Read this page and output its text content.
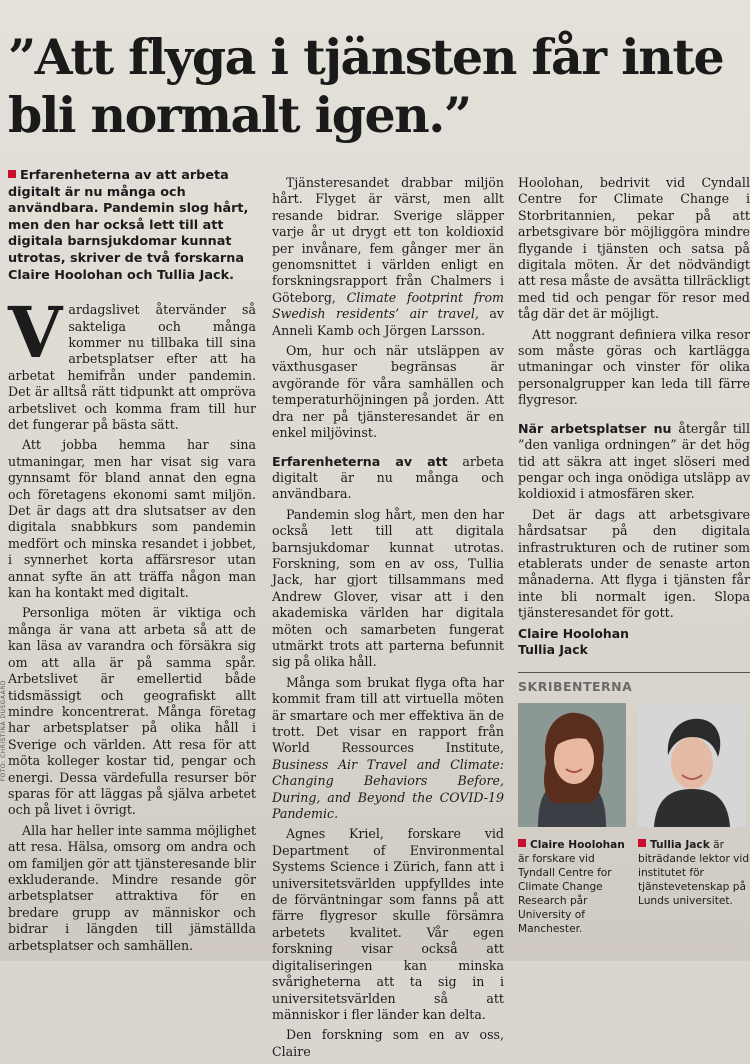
”Att flyga i tjänsten får inte bli normalt igen.”
FOTO: CHRISTINA DUSGAARD
Erfarenheterna av att arbeta digitalt är nu många och användbara. Pandemin slog hårt, men den har också lett till att digitala barnsjukdomar kunnat utrotas, skriver de två forskarna Claire Hoolohan och Tullia Jack.

Vardagslivet återvänder så sakteliga och många kommer nu tillbaka till sina arbetsplatser efter att ha arbetat hemifrån under pandemin. Det är alltså rätt tidpunkt att ompröva arbetslivet och komma fram till hur det fungerar på bästa sätt.

Att jobba hemma har sina utmaningar, men har visat sig vara gynnsamt för bland annat den egna och företagens ekonomi samt miljön. Det är dags att dra slutsatser av den digitala snabbkurs som pandemin medfört och minska resandet i jobbet, i synnerhet korta affärsresor utan annat syfte än att träffa någon man kan ha kontakt med digitalt.

Personliga möten är viktiga och många är vana att arbeta så att de kan läsa av varandra och försäkra sig om att alla är på samma spår. Arbetslivet är emellertid både tidsmässigt och geografiskt allt mindre koncentrerat. Många företag har arbetsplatser på olika håll i Sverige och världen. Att resa för att möta kolleger kostar tid, pengar och energi. Dessa värdefulla resurser bör sparas för att läggas på själva arbetet och på livet i övrigt.

Alla har heller inte samma möjlighet att resa. Hälsa, omsorg om andra och om familjen gör att tjänsteresande blir exkluderande. Mindre resande gör arbetsplatser attraktiva för en bredare grupp av människor och bidrar i längden till jämställda arbetsplatser och samhällen.

Tjänsteresandet drabbar miljön hårt. Flyget är värst, men allt resande bidrar. Sverige släpper varje år ut drygt ett ton koldioxid per invånare, fem gånger mer än genomsnittet i världen enligt en forskningsrapport från Chalmers i Göteborg, Climate footprint from Swedish residents’ air travel, av Anneli Kamb och Jörgen Larsson.

Om, hur och när utsläppen av växthusgaser begränsas är avgörande för våra samhällen och temperaturhöjningen på jorden. Att dra ner på tjänsteresandet är en enkel miljövinst.

Erfarenheterna av att arbeta digitalt är nu många och användbara.

Pandemin slog hårt, men den har också lett till att digitala barnsjukdomar kunnat utrotas. Forskning, som en av oss, Tullia Jack, har gjort tillsammans med Andrew Glover, visar att i den akademiska världen har digitala möten och samarbeten fungerat utmärkt trots att parterna befunnit sig på olika håll.

Många som brukat flyga ofta har kommit fram till att virtuella möten är smartare och mer effektiva än de trott. Det visar en rapport från World Ressources Institute, Business Air Travel and Climate: Changing Behaviors Before, During, and Beyond the COVID-19 Pandemic.

Agnes Kriel, forskare vid Department of Environmental Systems Science i Zürich, fann att i universitetsvärlden uppfylldes inte de förväntningar som fanns på att färre flygresor skulle försämra arbetets kvalitet. Vår egen forskning visar också att digitaliseringen kan minska svårigheterna att ta sig in i universitetsvärlden så att människor i fler länder kan delta.

Den forskning som en av oss, Claire

Hoolohan, bedrivit vid Cyndall Centre for Climate Change i Storbritannien, pekar på att arbetsgivare bör möjliggöra mindre flygande i tjänsten och satsa på digitala möten. Är det nödvändigt att resa måste de avsätta tillräckligt med tid och pengar för resor med tåg där det är möjligt.

Att noggrant definiera vilka resor som måste göras och kartlägga utmaningar och vinster för olika personalgrupper kan leda till färre flygresor.

När arbetsplatser nu återgår till ”den vanliga ordningen” är det hög tid att säkra att inget slöseri med pengar och inga onödiga utsläpp av koldioxid i atmosfären sker.

Det är dags att arbetsgivare hårdsatsar på den digitala infrastrukturen och de rutiner som etablerats under de senaste arton månaderna. Att flyga i tjänsten får inte bli normalt igen. Slopa tjänsteresandet för gott.

Claire Hoolohan
Tullia Jack

SKRIBENTERNA
Claire Hoolohan är forskare vid Tyndall Centre for Climate Change Research pår University of Manchester.
Tullia Jack är biträdande lektor vid institutet för tjänstevetenskap på Lunds universitet.
